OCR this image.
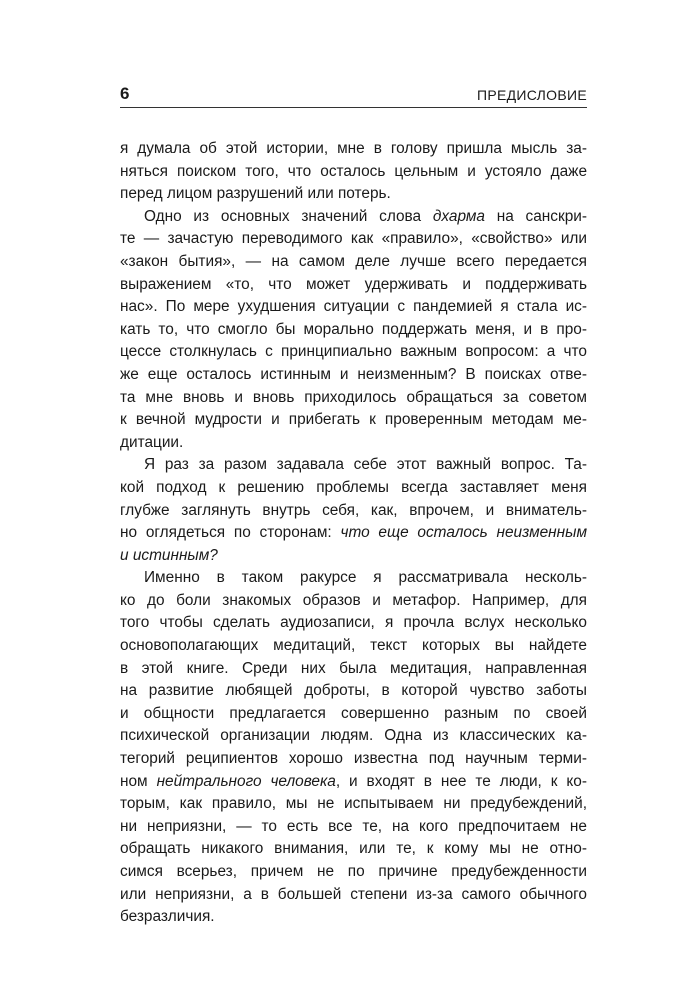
6	ПРЕДИСЛОВИЕ

я думала об этой истории, мне в голову пришла мысль за-
няться поиском того, что осталось цельным и устояло даже
перед лицом разрушений или потерь.

Одно из основных значений слова дхарма на санскри-
те — зачастую переводимого как «правило», «свойство» или
«закон бытия», — на самом деле лучше всего передается
выражением «то, что может удерживать и поддерживать
нас». По мере ухудшения ситуации с пандемией я стала ис-
кать то, что смогло бы морально поддержать меня, и в про-
цессе столкнулась с принципиально важным вопросом: а что
же еще осталось истинным и неизменным? В поисках отве-
та мне вновь и вновь приходилось обращаться за советом
к вечной мудрости и прибегать к проверенным методам ме-
дитации.

Я раз за разом задавала себе этот важный вопрос. Та-
кой подход к решению проблемы всегда заставляет меня
глубже заглянуть внутрь себя, как, впрочем, и вниматель-
но оглядеться по сторонам: что еще осталось неизменным
и истинным?

Именно в таком ракурсе я рассматривала несколь-
ко до боли знакомых образов и метафор. Например, для
того чтобы сделать аудиозаписи, я прочла вслух несколько
основополагающих медитаций, текст которых вы найдете
в этой книге. Среди них была медитация, направленная
на развитие любящей доброты, в которой чувство заботы
и общности предлагается совершенно разным по своей
психической организации людям. Одна из классических ка-
тегорий реципиентов хорошо известна под научным терми-
ном нейтрального человека, и входят в нее те люди, к ко-
торым, как правило, мы не испытываем ни предубеждений,
ни неприязни, — то есть все те, на кого предпочитаем не
обращать никакого внимания, или те, к кому мы не отно-
симся всерьез, причем не по причине предубежденности
или неприязни, а в большей степени из-за самого обычного
безразличия.
